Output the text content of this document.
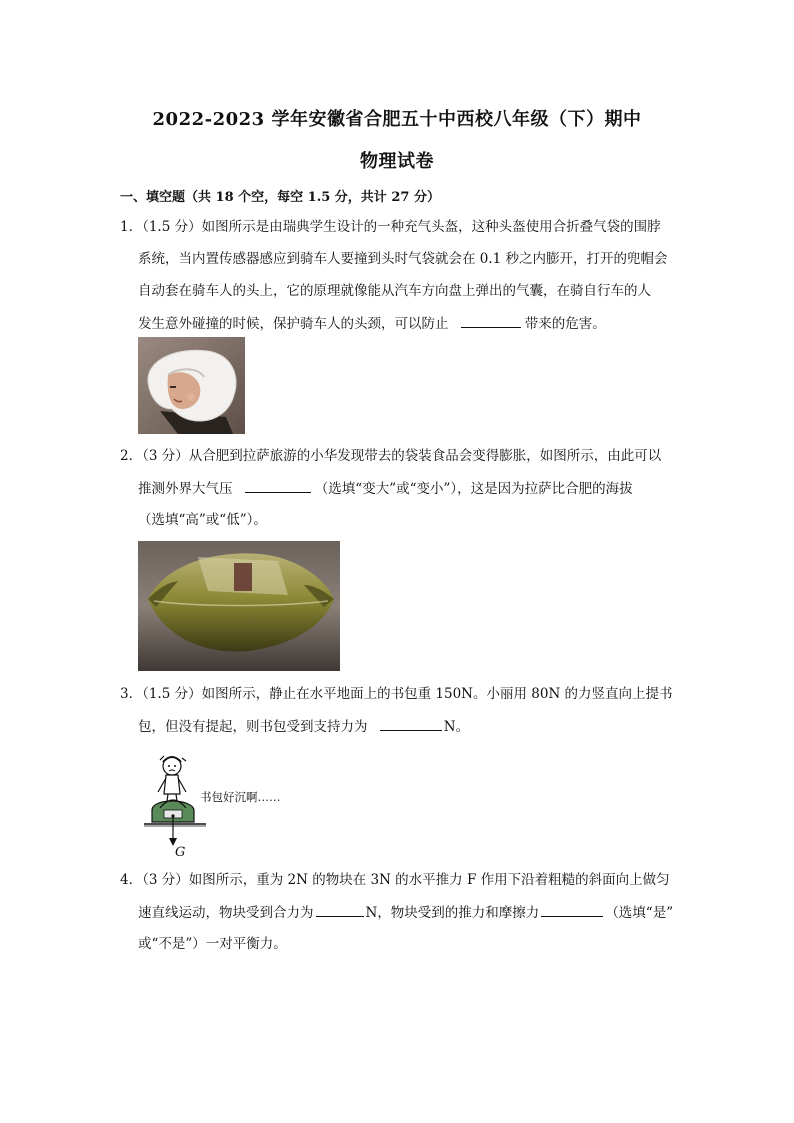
2022-2023 学年安徽省合肥五十中西校八年级（下）期中
物理试卷
一、填空题（共 18 个空，每空 1.5 分，共计 27 分）
1．（1.5 分）如图所示是由瑞典学生设计的一种充气头盔，这种头盔使用合折叠气袋的围脖
系统，当内置传感器感应到骑车人要撞到头时气袋就会在 0.1 秒之内膨开，打开的兜帽会
自动套在骑车人的头上，它的原理就像能从汽车方向盘上弹出的气囊，在骑自行车的人
发生意外碰撞的时候，保护骑车人的头颈，可以防止	带来的危害。
2．（3 分）从合肥到拉萨旅游的小华发现带去的袋装食品会变得膨胀，如图所示，由此可以
推测外界大气压	（选填“变大”或“变小”），这是因为拉萨比合肥的海拔
（选填“高”或“低”）。
3．（1.5 分）如图所示，静止在水平地面上的书包重 150N。小丽用 80N 的力竖直向上提书
包，但没有提起，则书包受到支持力为	N。
G
书包好沉啊……
4．（3 分）如图所示，重为 2N 的物块在 3N 的水平推力 F 作用下沿着粗糙的斜面向上做匀
速直线运动，物块受到合力为	N，物块受到的推力和摩擦力	（选填“是”
或“不是”）一对平衡力。
